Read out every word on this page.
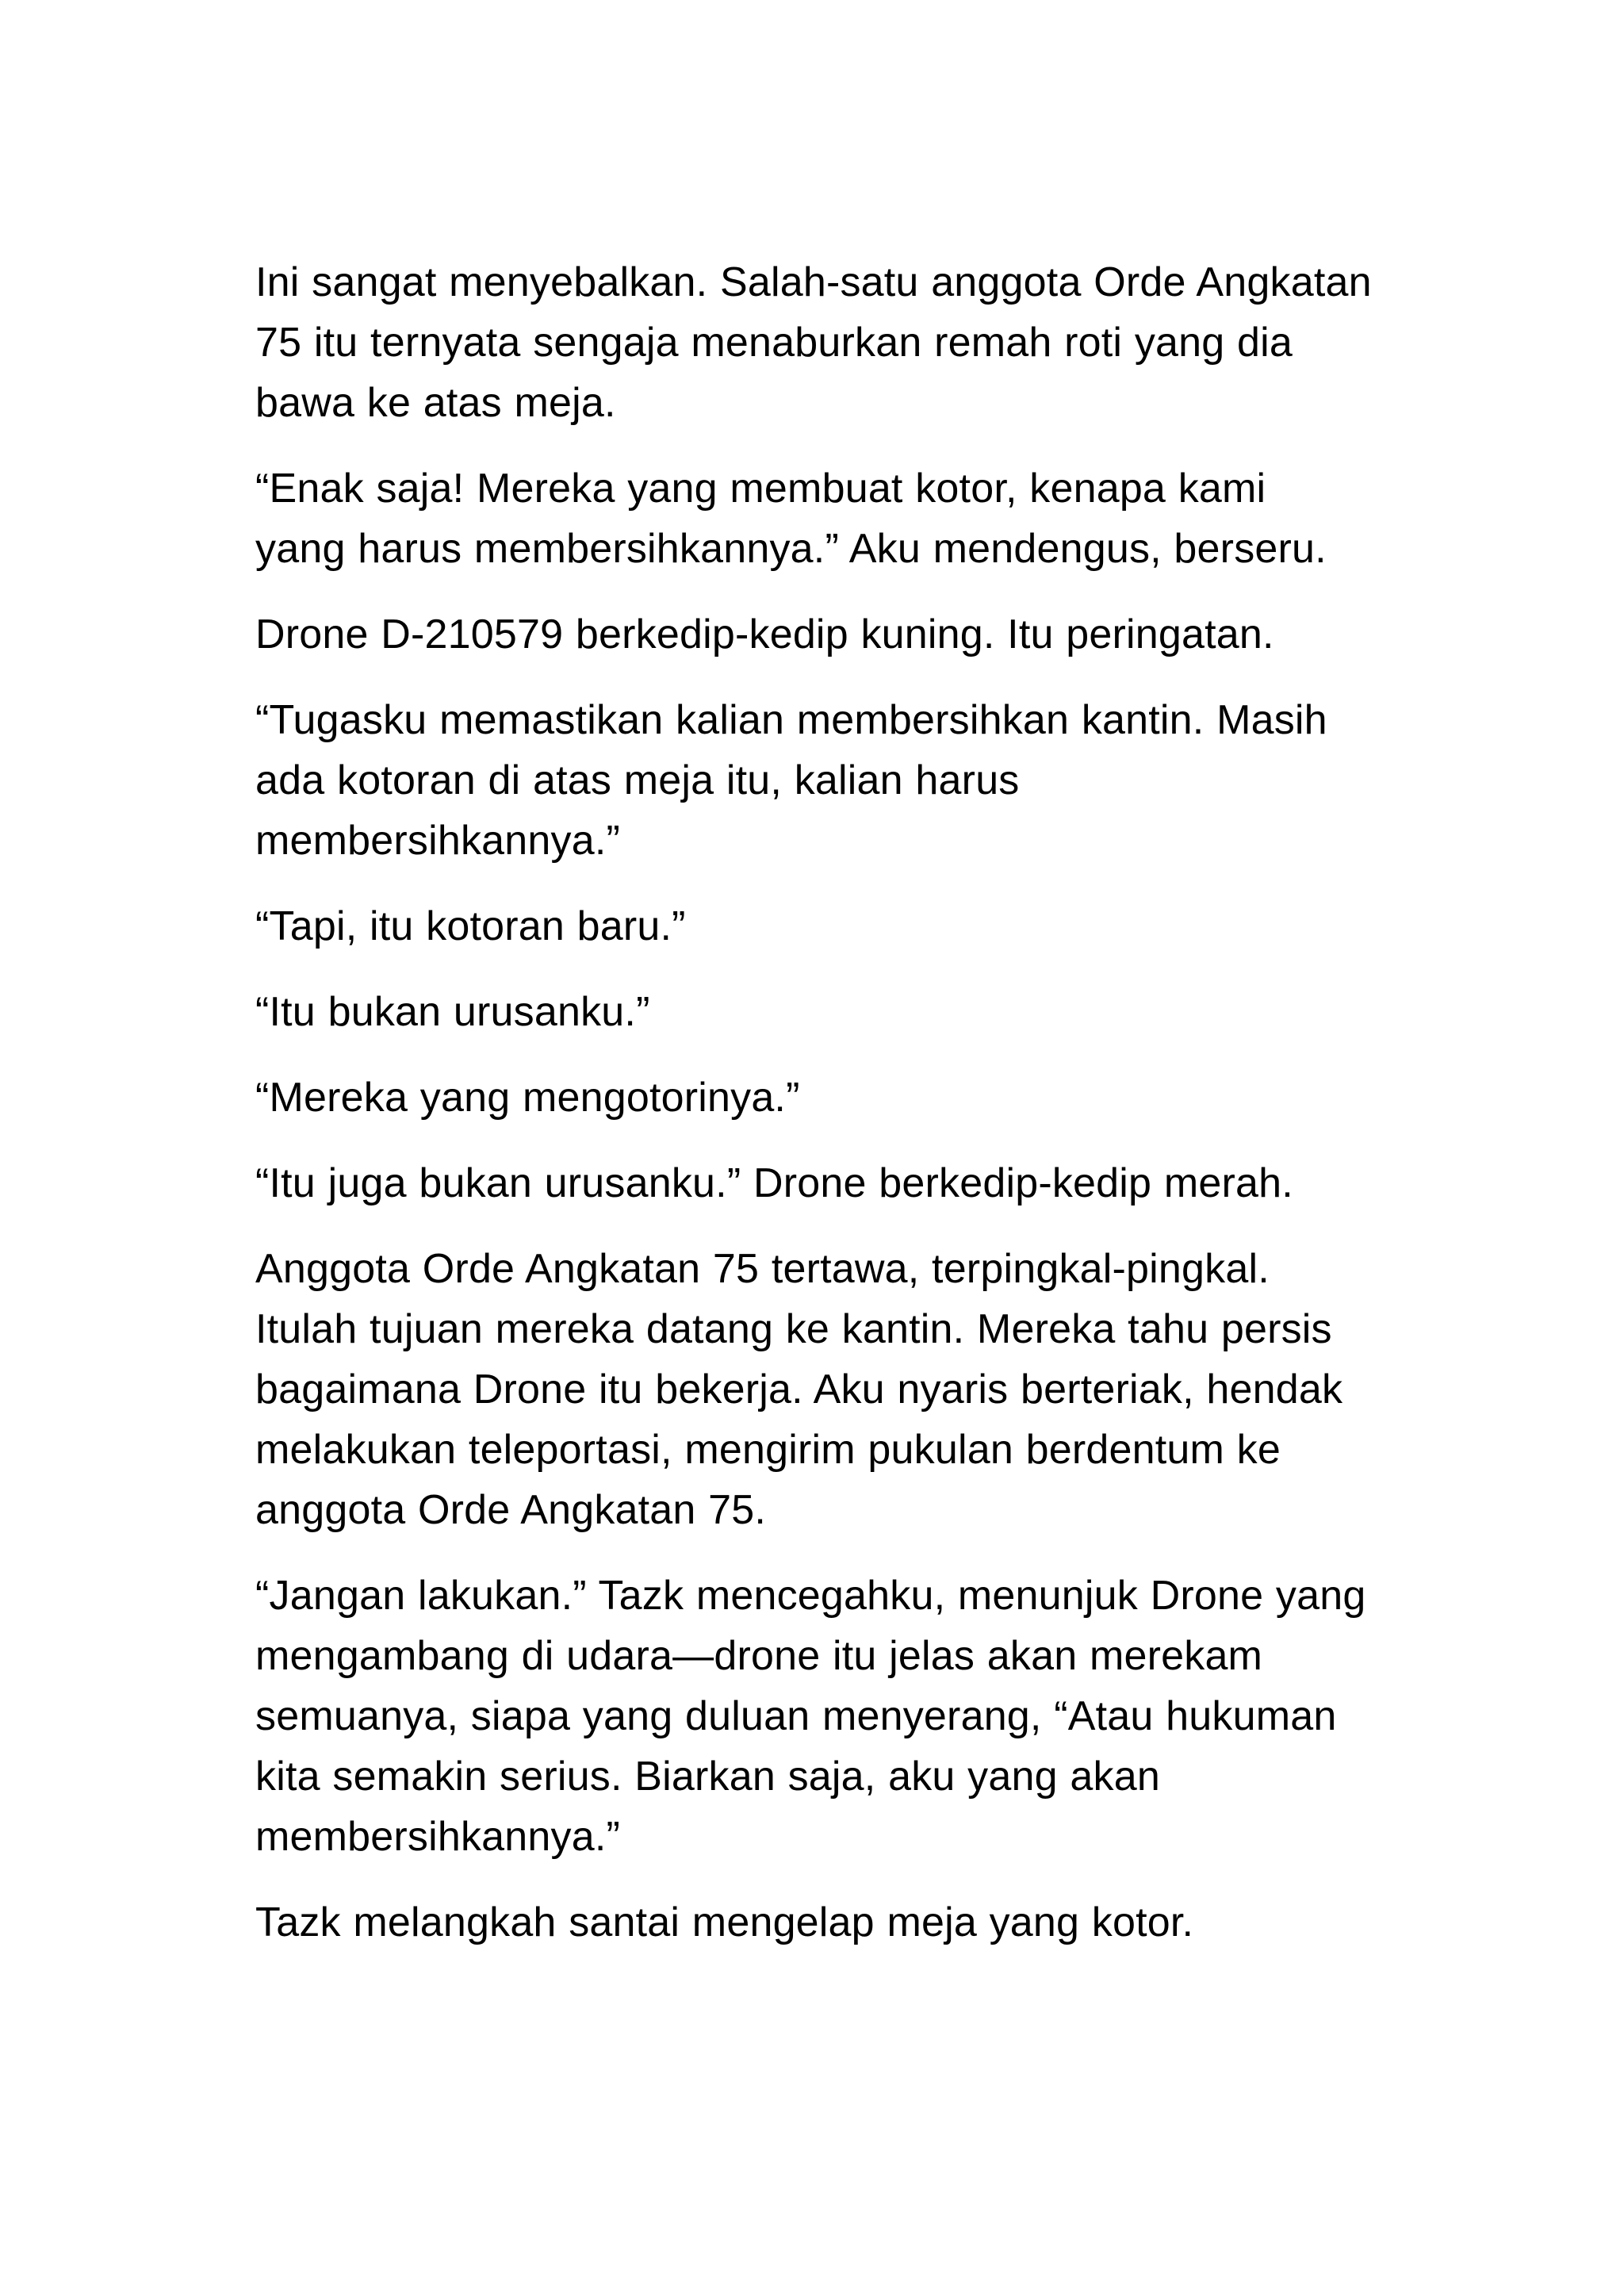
Ini sangat menyebalkan. Salah-satu anggota Orde Angkatan
75 itu ternyata sengaja menaburkan remah roti yang dia
bawa ke atas meja.

“Enak saja! Mereka yang membuat kotor, kenapa kami
yang harus membersihkannya.” Aku mendengus, berseru.

Drone D-210579 berkedip-kedip kuning. Itu peringatan.

“Tugasku memastikan kalian membersihkan kantin. Masih
ada kotoran di atas meja itu, kalian harus
membersihkannya.”

“Tapi, itu kotoran baru.”

“Itu bukan urusanku.”

“Mereka yang mengotorinya.”

“Itu juga bukan urusanku.” Drone berkedip-kedip merah.

Anggota Orde Angkatan 75 tertawa, terpingkal-pingkal.
Itulah tujuan mereka datang ke kantin. Mereka tahu persis
bagaimana Drone itu bekerja. Aku nyaris berteriak, hendak
melakukan teleportasi, mengirim pukulan berdentum ke
anggota Orde Angkatan 75.

“Jangan lakukan.” Tazk mencegahku, menunjuk Drone yang
mengambang di udara—drone itu jelas akan merekam
semuanya, siapa yang duluan menyerang, “Atau hukuman
kita semakin serius. Biarkan saja, aku yang akan
membersihkannya.”

Tazk melangkah santai mengelap meja yang kotor.
